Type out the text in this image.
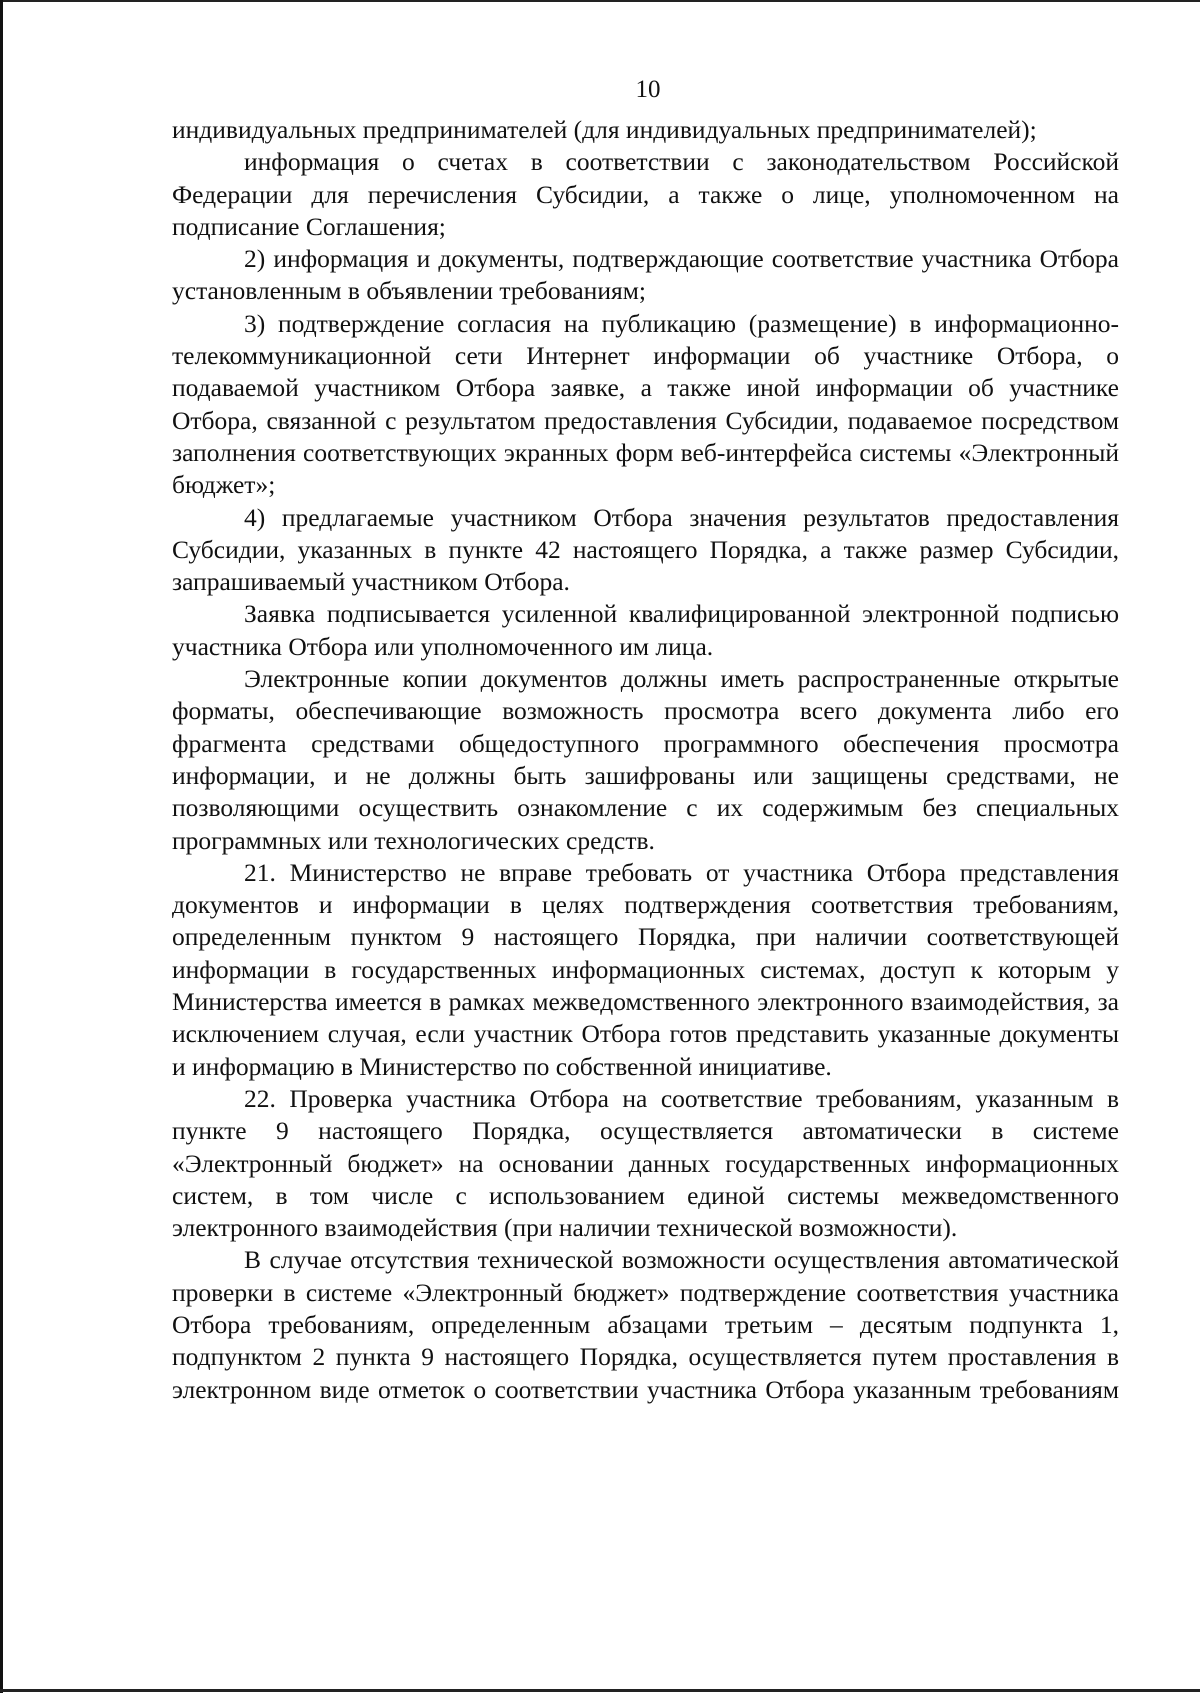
10

индивидуальных предпринимателей (для индивидуальных предпринимателей);

информация о счетах в соответствии с законодательством Российской Федерации для перечисления Субсидии, а также о лице, уполномоченном на подписание Соглашения;

2) информация и документы, подтверждающие соответствие участника Отбора установленным в объявлении требованиям;

3) подтверждение согласия на публикацию (размещение) в информационно-телекоммуникационной сети Интернет информации об участнике Отбора, о подаваемой участником Отбора заявке, а также иной информации об участнике Отбора, связанной с результатом предоставления Субсидии, подаваемое посредством заполнения соответствующих экранных форм веб-интерфейса системы «Электронный бюджет»;

4) предлагаемые участником Отбора значения результатов предоставления Субсидии, указанных в пункте 42 настоящего Порядка, а также размер Субсидии, запрашиваемый участником Отбора.

Заявка подписывается усиленной квалифицированной электронной подписью участника Отбора или уполномоченного им лица.

Электронные копии документов должны иметь распространенные открытые форматы, обеспечивающие возможность просмотра всего документа либо его фрагмента средствами общедоступного программного обеспечения просмотра информации, и не должны быть зашифрованы или защищены средствами, не позволяющими осуществить ознакомление с их содержимым без специальных программных или технологических средств.

21. Министерство не вправе требовать от участника Отбора представления документов и информации в целях подтверждения соответствия требованиям, определенным пунктом 9 настоящего Порядка, при наличии соответствующей информации в государственных информационных системах, доступ к которым у Министерства имеется в рамках межведомственного электронного взаимодействия, за исключением случая, если участник Отбора готов представить указанные документы и информацию в Министерство по собственной инициативе.

22. Проверка участника Отбора на соответствие требованиям, указанным в пункте 9 настоящего Порядка, осуществляется автоматически в системе «Электронный бюджет» на основании данных государственных информационных систем, в том числе с использованием единой системы межведомственного электронного взаимодействия (при наличии технической возможности).

В случае отсутствия технической возможности осуществления автоматической проверки в системе «Электронный бюджет» подтверждение соответствия участника Отбора требованиям, определенным абзацами третьим – десятым подпункта 1, подпунктом 2 пункта 9 настоящего Порядка, осуществляется путем проставления в электронном виде отметок о соответствии участника Отбора указанным требованиям
